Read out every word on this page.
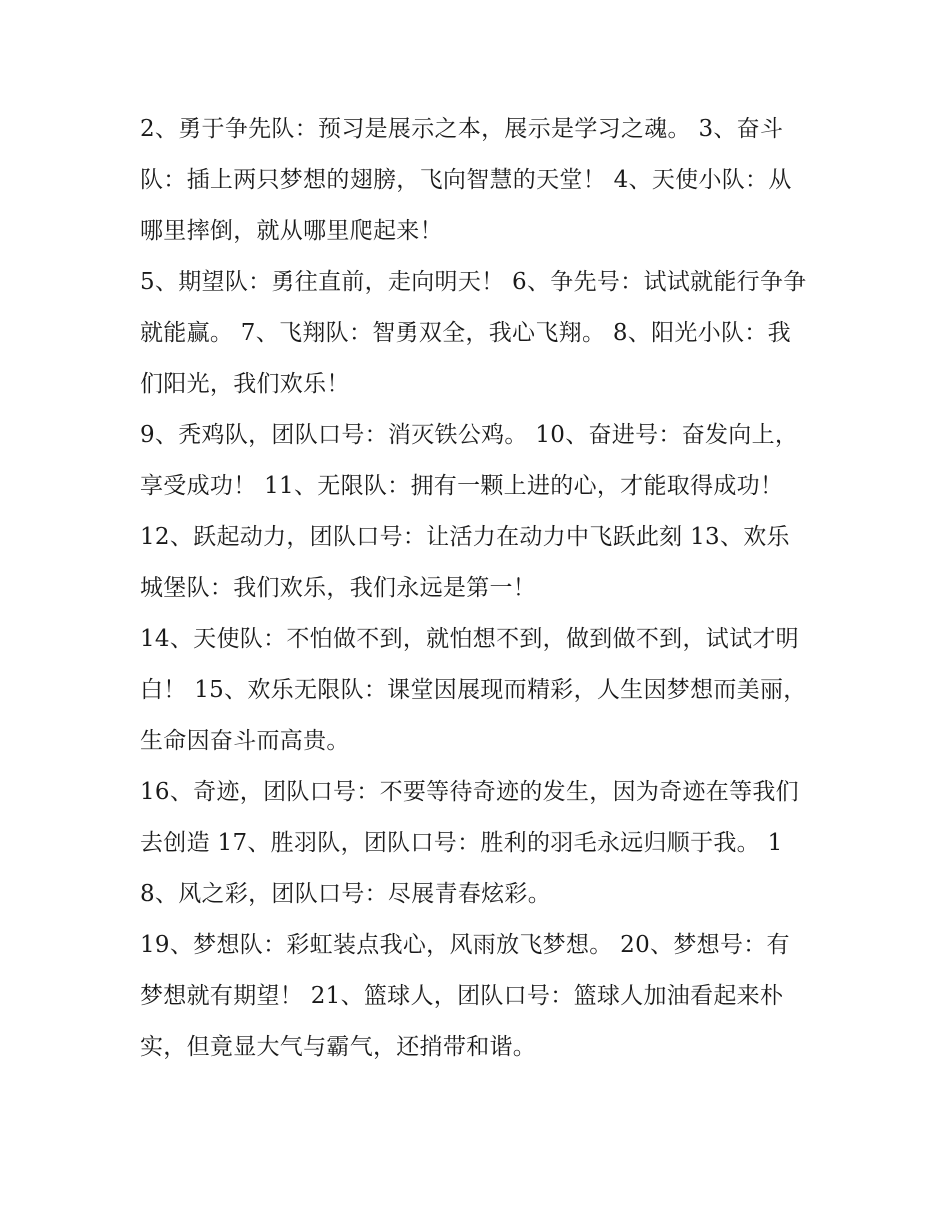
2、勇于争先队：预习是展示之本，展示是学习之魂。 3、奋斗队：插上两只梦想的翅膀，飞向智慧的天堂！ 4、天使小队：从哪里摔倒，就从哪里爬起来！

5、期望队：勇往直前，走向明天！ 6、争先号：试试就能行争争就能赢。 7、飞翔队：智勇双全，我心飞翔。 8、阳光小队：我们阳光，我们欢乐！

9、秃鸡队，团队口号：消灭铁公鸡。 10、奋进号：奋发向上，享受成功！ 11、无限队：拥有一颗上进的心，才能取得成功！

12、跃起动力，团队口号：让活力在动力中飞跃此刻 13、欢乐城堡队：我们欢乐，我们永远是第一！

14、天使队：不怕做不到，就怕想不到，做到做不到，试试才明白！ 15、欢乐无限队：课堂因展现而精彩，人生因梦想而美丽，生命因奋斗而高贵。

16、奇迹，团队口号：不要等待奇迹的发生，因为奇迹在等我们去创造 17、胜羽队，团队口号：胜利的羽毛永远归顺于我。 18、风之彩，团队口号：尽展青春炫彩。

19、梦想队：彩虹装点我心，风雨放飞梦想。 20、梦想号：有梦想就有期望！ 21、篮球人，团队口号：篮球人加油看起来朴实，但竟显大气与霸气，还捎带和谐。
